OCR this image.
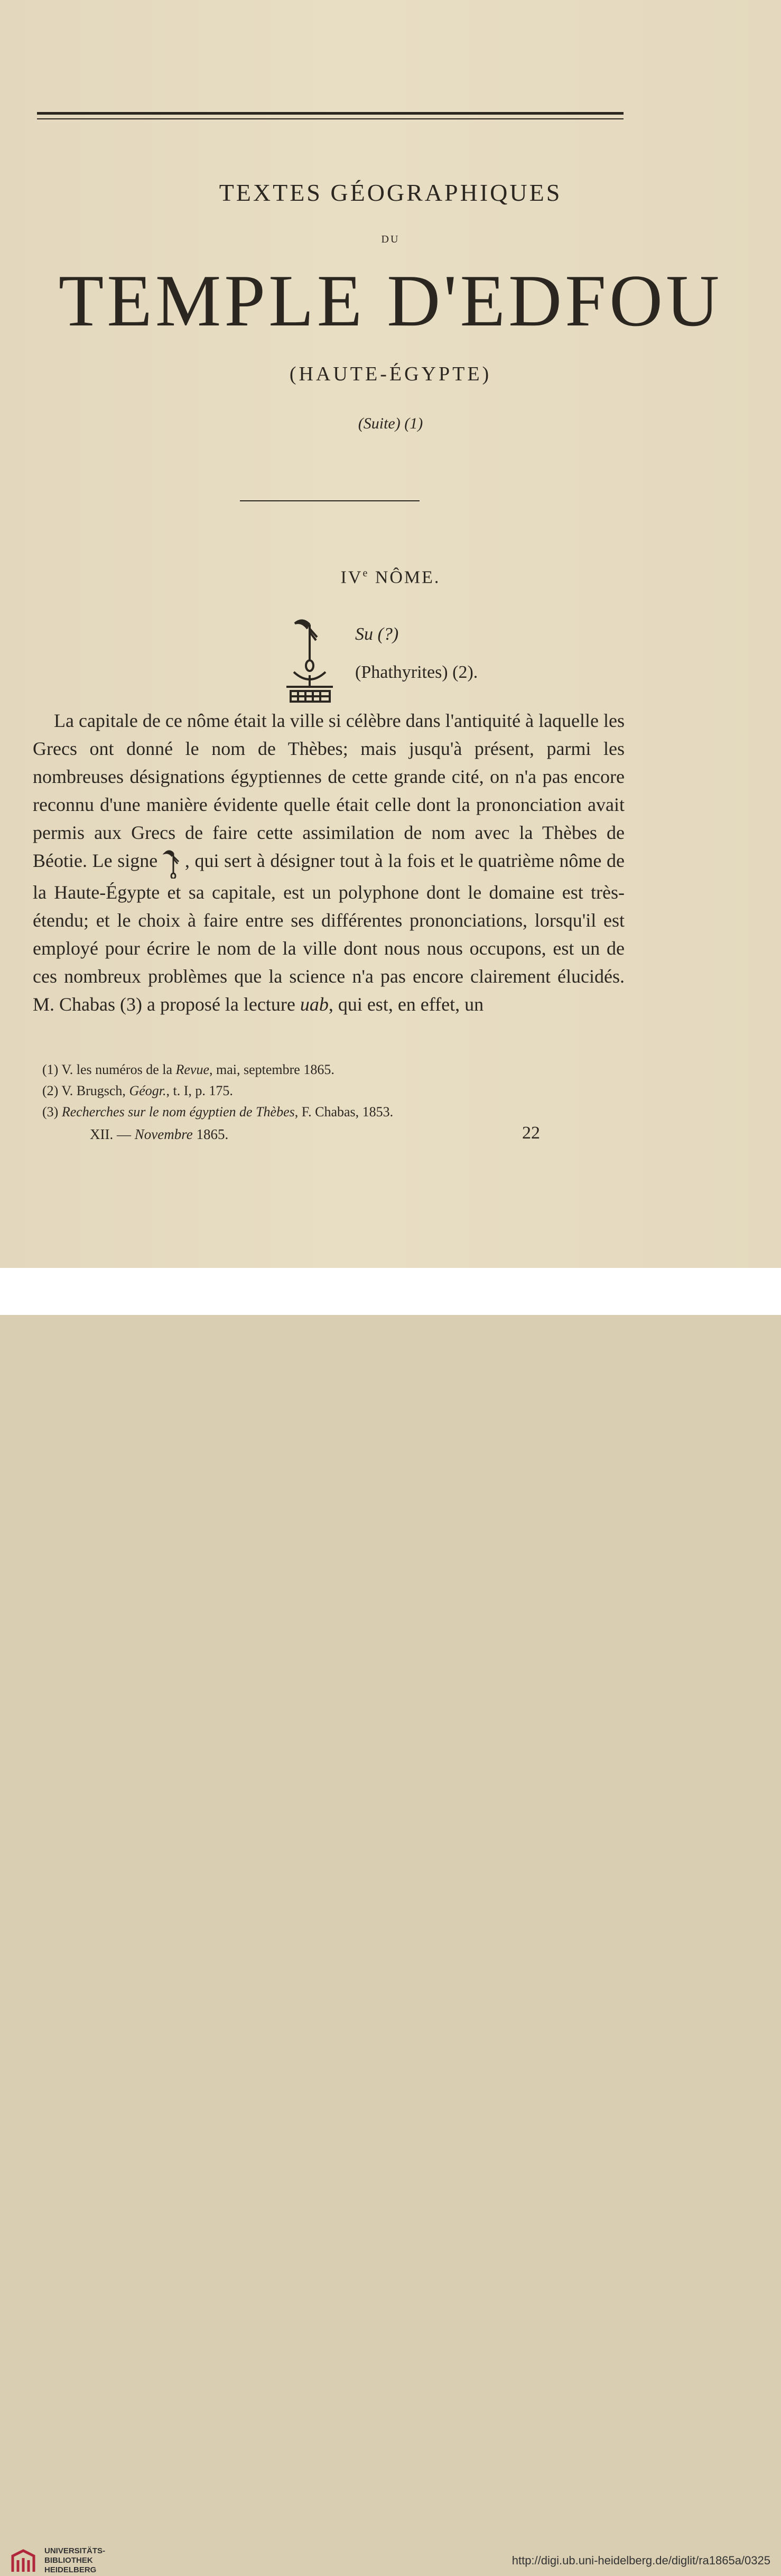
TEXTES GÉOGRAPHIQUES
DU
TEMPLE D'EDFOU
(HAUTE-ÉGYPTE)
(Suite) (1)
IVe NÔME.
Su (?)
(Phathyrites) (2).

La capitale de ce nôme était la ville si célèbre dans l'antiquité à laquelle les Grecs ont donné le nom de Thèbes; mais jusqu'à présent, parmi les nombreuses désignations égyptiennes de cette grande cité, on n'a pas encore reconnu d'une manière évidente quelle était celle dont la prononciation avait permis aux Grecs de faire cette assimilation de nom avec la Thèbes de Béotie. Le signe , qui sert à désigner tout à la fois et le quatrième nôme de la Haute-Égypte et sa capitale, est un polyphone dont le domaine est très-étendu; et le choix à faire entre ses différentes prononciations, lorsqu'il est employé pour écrire le nom de la ville dont nous nous occupons, est un de ces nombreux problèmes que la science n'a pas encore clairement élucidés. M. Chabas (3) a proposé la lecture uab, qui est, en effet, un

(1) V. les numéros de la Revue, mai, septembre 1865.
(2) V. Brugsch, Géogr., t. I, p. 175.
(3) Recherches sur le nom égyptien de Thèbes, F. Chabas, 1853.
XII. — Novembre 1865.	22
UNIVERSITÄTS-
BIBLIOTHEK
HEIDELBERG
http://digi.ub.uni-heidelberg.de/diglit/ra1865a/0325
